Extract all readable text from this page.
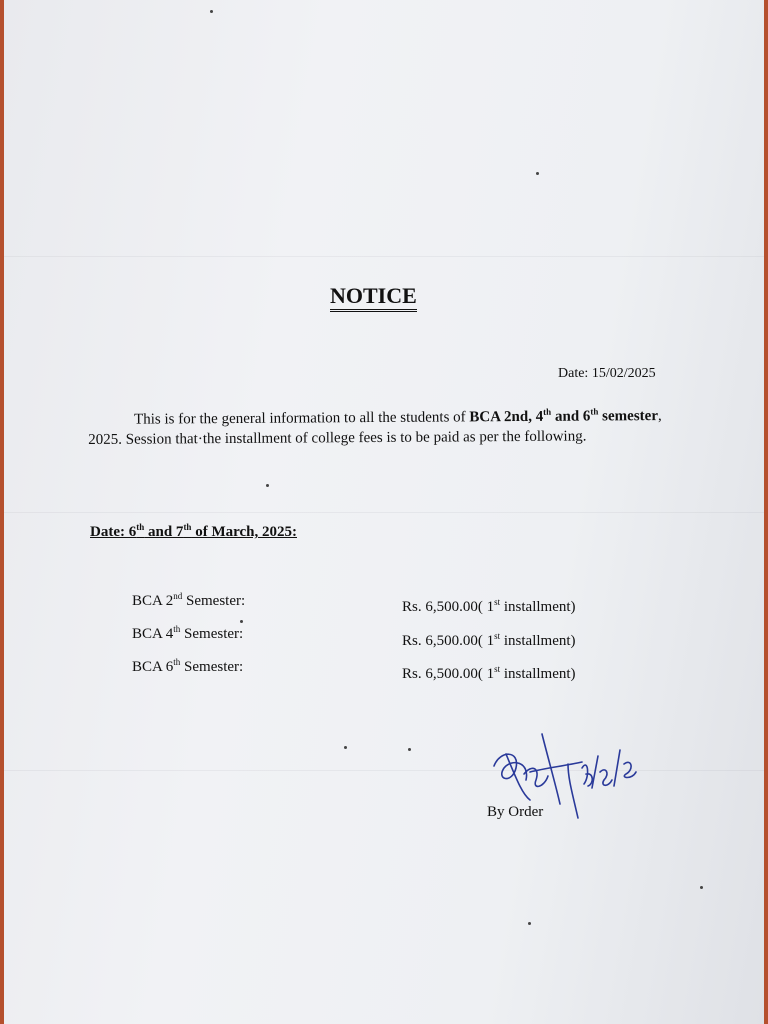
NOTICE
Date: 15/02/2025
This is for the general information to all the students of BCA 2nd, 4th and 6th semester, 2025. Session that·the installment of college fees is to be paid as per the following.
Date: 6th and 7th of March, 2025:
BCA 2nd Semester:	Rs. 6,500.00( 1st installment)
BCA 4th Semester:	Rs. 6,500.00( 1st installment)
BCA 6th Semester:	Rs. 6,500.00( 1st installment)
By Order
